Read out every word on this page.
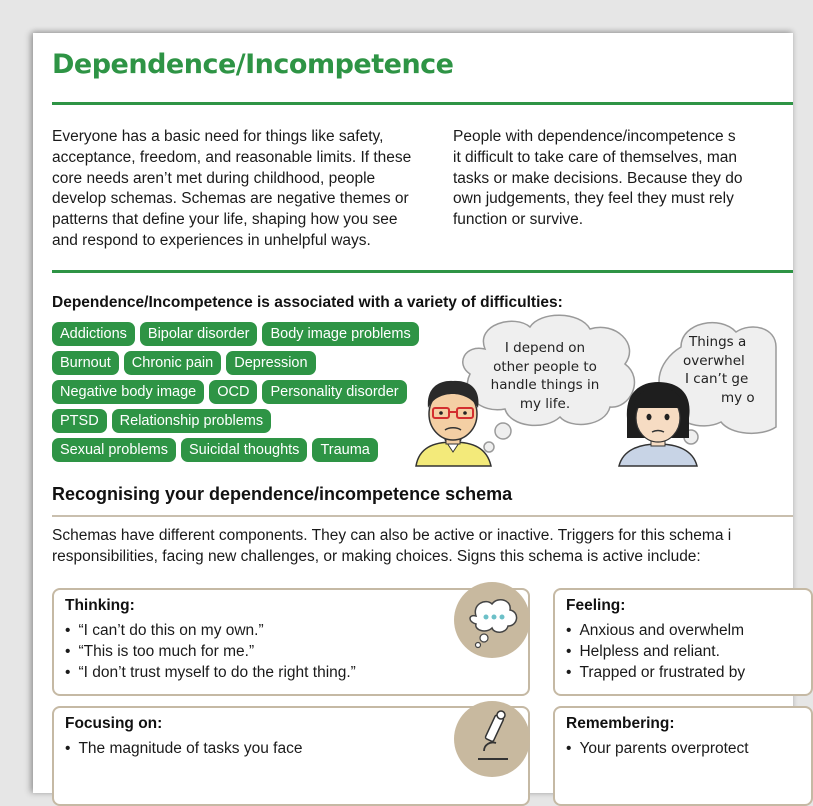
Dependence/Incompetence
Everyone has a basic need for things like safety,
acceptance, freedom, and reasonable limits. If these
core needs aren’t met during childhood, people
develop schemas. Schemas are negative themes or
patterns that define your life, shaping how you see
and respond to experiences in unhelpful ways.
People with dependence/incompetence s
it difficult to take care of themselves, man
tasks or make decisions. Because they do
own judgements, they feel they must rely
function or survive.
Dependence/Incompetence is associated with a variety of difficulties:
Addictions	Bipolar disorder	Body image problems
Burnout	Chronic pain	Depression
Negative body image	OCD	Personality disorder
PTSD	Relationship problems
Sexual problems	Suicidal thoughts	Trauma
I depend on
other people to
handle things in
my life.
Things a
overwhel
I can’t ge
my o
Recognising your dependence/incompetence schema
Schemas have different components. They can also be active or inactive. Triggers for this schema i
responsibilities, facing new challenges, or making choices. Signs this schema is active include:
Thinking:
• “I can’t do this on my own.”
• “This is too much for me.”
• “I don’t trust myself to do the right thing.”
Feeling:
• Anxious and overwhelm
• Helpless and reliant.
• Trapped or frustrated by
Focusing on:
• The magnitude of tasks you face
Remembering:
• Your parents overprotect
